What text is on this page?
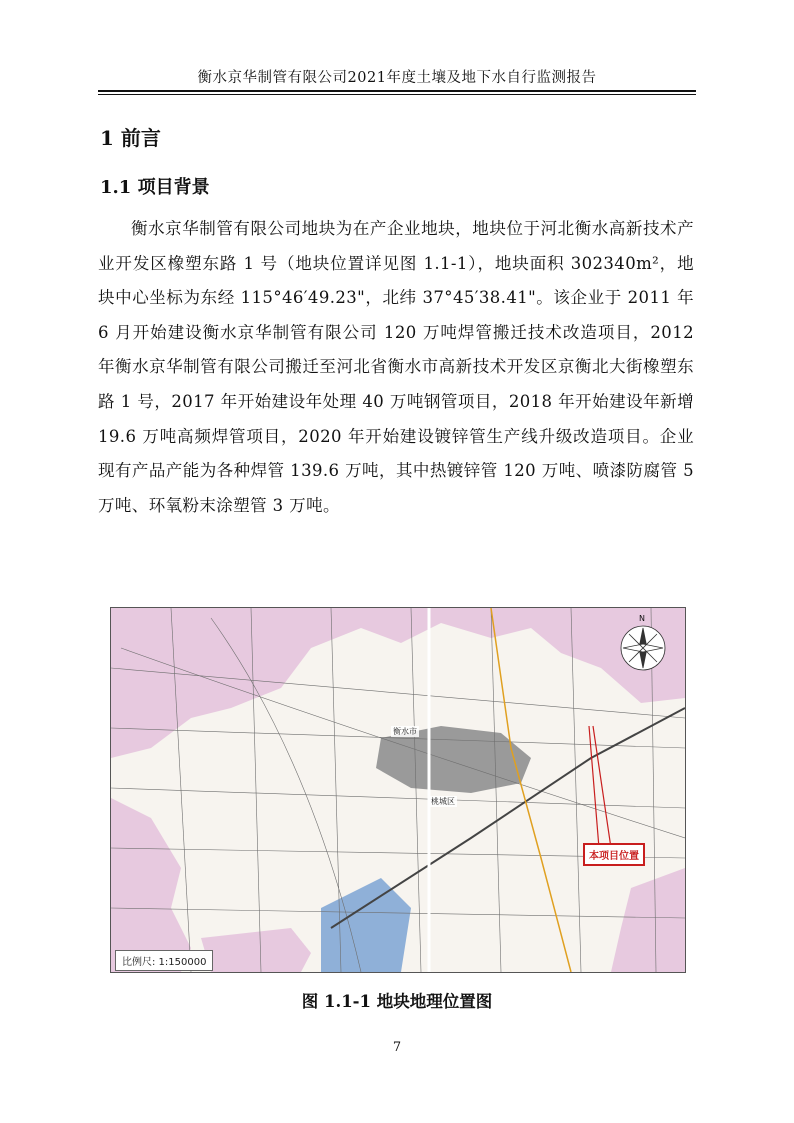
衡水京华制管有限公司2021年度土壤及地下水自行监测报告
1 前言
1.1 项目背景
衡水京华制管有限公司地块为在产企业地块，地块位于河北衡水高新技术产业开发区橡塑东路 1 号（地块位置详见图 1.1-1），地块面积 302340m²，地块中心坐标为东经 115°46′49.23"，北纬 37°45′38.41"。该企业于 2011 年 6 月开始建设衡水京华制管有限公司 120 万吨焊管搬迁技术改造项目，2012 年衡水京华制管有限公司搬迁至河北省衡水市高新技术开发区京衡北大街橡塑东路 1 号，2017 年开始建设年处理 40 万吨钢管项目，2018 年开始建设年新增 19.6 万吨高频焊管项目，2020 年开始建设镀锌管生产线升级改造项目。企业现有产品产能为各种焊管 139.6 万吨，其中热镀锌管 120 万吨、喷漆防腐管 5 万吨、环氧粉末涂塑管 3 万吨。
N
衡水市
桃城区
本项目位置
比例尺: 1:150000
图 1.1-1 地块地理位置图
7
